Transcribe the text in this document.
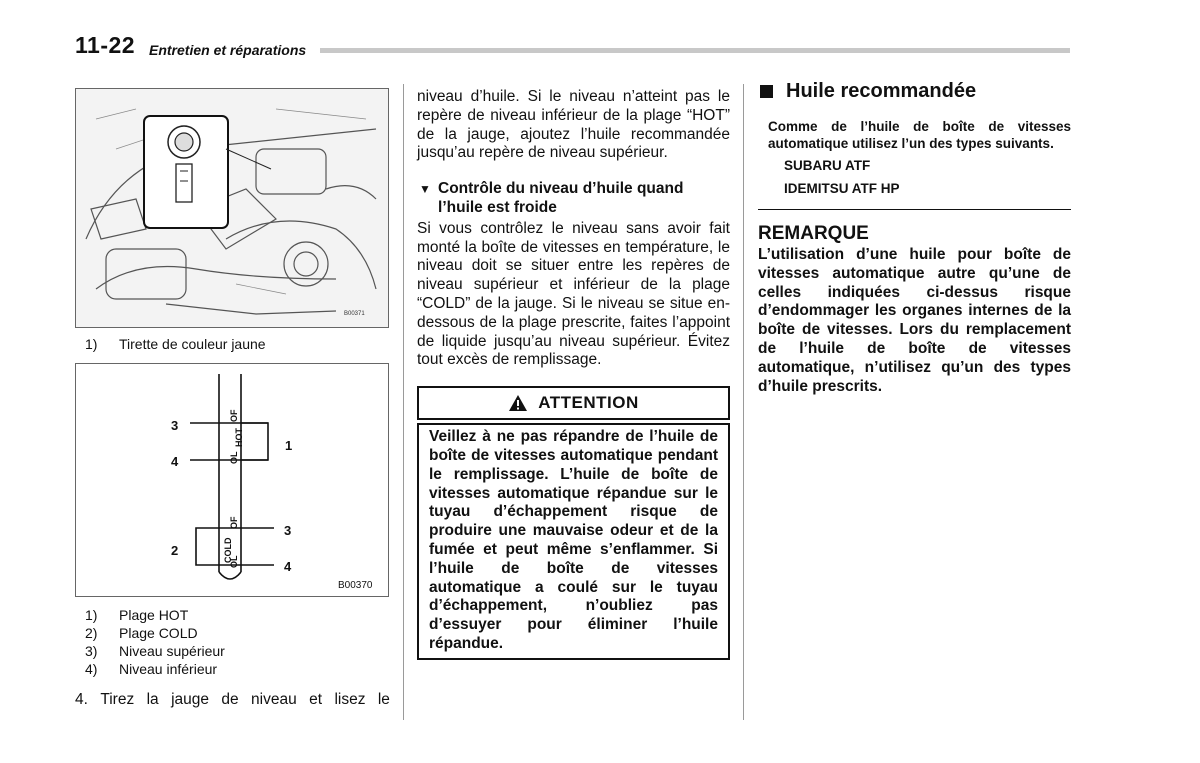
11-22 Entretien et réparations
B00371
1)	Tirette de couleur jaune
OF
OL
HOT
OF
OL
COLD
3
4
1
3
2
4
B00370
1)	Plage HOT
2)	Plage COLD
3)	Niveau supérieur
4)	Niveau inférieur
4. Tirez la jauge de niveau et lisez le

niveau d’huile. Si le niveau n’atteint pas le repère de niveau inférieur de la plage “HOT” de la jauge, ajoutez l’huile recommandée jusqu’au repère de niveau supérieur.

▼ Contrôle du niveau d’huile quand l’huile est froide

Si vous contrôlez le niveau sans avoir fait monté la boîte de vitesses en température, le niveau doit se situer entre les repères de niveau supérieur et inférieur de la plage “COLD” de la jauge. Si le niveau se situe en-dessous de la plage prescrite, faites l’appoint de liquide jusqu’au niveau supérieur. Évitez tout excès de remplissage.

ATTENTION
Veillez à ne pas répandre de l’huile de boîte de vitesses automatique pendant le remplissage. L’huile de boîte de vitesses automatique répandue sur le tuyau d’échappement risque de produire une mauvaise odeur et de la fumée et peut même s’enflammer. Si l’huile de boîte de vitesses automatique a coulé sur le tuyau d’échappement, n’oubliez pas d’essuyer pour éliminer l’huile répandue.
Huile recommandée

Comme de l’huile de boîte de vitesses automatique utilisez l’un des types suivants.

SUBARU ATF
IDEMITSU ATF HP
REMARQUE

L’utilisation d’une huile pour boîte de vitesses automatique autre qu’une de celles indiquées ci-dessus risque d’endommager les organes internes de la boîte de vitesses. Lors du remplacement de l’huile de boîte de vitesses automatique, n’utilisez qu’un des types d’huile prescrits.
